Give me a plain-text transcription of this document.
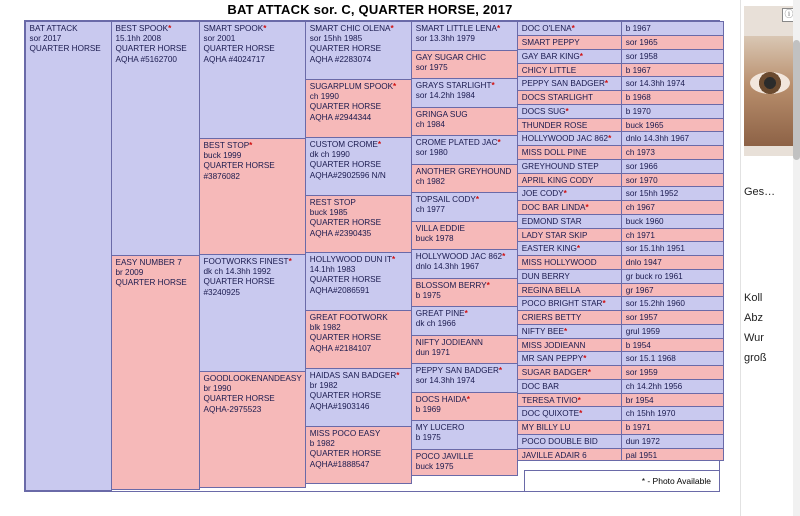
BAT ATTACK sor. C, QUARTER HORSE, 2017
BAT ATTACK
sor 2017
QUARTER HORSE
BEST SPOOK*
15.1hh 2008
QUARTER HORSE
AQHA #5162700
EASY NUMBER 7
br 2009
QUARTER HORSE
SMART SPOOK*
sor 2001
QUARTER HORSE
AQHA #4024717
BEST STOP*
buck 1999
QUARTER HORSE
#3876082
FOOTWORKS FINEST*
dk ch 14.3hh 1992
QUARTER HORSE
#3240925
GOODLOOKENANDEASY
br 1990
QUARTER HORSE
AQHA-2975523
SMART CHIC OLENA*
sor 15hh 1985
QUARTER HORSE
AQHA #2283074
SUGARPLUM SPOOK*
ch 1990
QUARTER HORSE
AQHA #2944344
CUSTOM CROME*
dk ch 1990
QUARTER HORSE
AQHA#2902596 N/N
REST STOP
buck 1985
QUARTER HORSE
AQHA #2390435
HOLLYWOOD DUN IT*
14.1hh 1983
QUARTER HORSE
AQHA#2086591
GREAT FOOTWORK
blk 1982
QUARTER HORSE
AQHA #2184107
HAIDAS SAN BADGER*
br 1982
QUARTER HORSE
AQHA#1903146
MISS POCO EASY
b 1982
QUARTER HORSE
AQHA#1888547
SMART LITTLE LENA*
sor 13.3hh 1979
GAY SUGAR CHIC
sor 1975
GRAYS STARLIGHT*
sor 14.2hh 1984
GRINGA SUG
ch 1984
CROME PLATED JAC*
sor 1980
ANOTHER GREYHOUND
ch 1982
TOPSAIL CODY*
ch 1977
VILLA EDDIE
buck 1978
HOLLYWOOD JAC 862*
dnlo 14.3hh 1967
BLOSSOM BERRY*
b 1975
GREAT PINE*
dk ch 1966
NIFTY JODIEANN
dun 1971
PEPPY SAN BADGER*
sor 14.3hh 1974
DOCS HAIDA*
b 1969
MY LUCERO
b 1975
POCO JAVILLE
buck 1975
DOC O'LENA*
SMART PEPPY
GAY BAR KING*
CHICY LITTLE
PEPPY SAN BADGER*
DOCS STARLIGHT
DOCS SUG*
THUNDER ROSE
HOLLYWOOD JAC 862*
MISS DOLL PINE
GREYHOUND STEP
APRIL KING CODY
JOE CODY*
DOC BAR LINDA*
EDMOND STAR
LADY STAR SKIP
EASTER KING*
MISS HOLLYWOOD
DUN BERRY
REGINA BELLA
POCO BRIGHT STAR*
CRIERS BETTY
NIFTY BEE*
MISS JODIEANN
MR SAN PEPPY*
SUGAR BADGER*
DOC BAR
TERESA TIVIO*
DOC QUIXOTE*
MY BILLY LU
POCO DOUBLE BID
JAVILLE ADAIR 6
b 1967
sor 1965
sor 1958
b 1967
sor 14.3hh 1974
b 1968
b 1970
buck 1965
dnlo 14.3hh 1967
ch 1973
sor 1966
sor 1970
sor 15hh 1952
ch 1967
buck 1960
ch 1971
sor 15.1hh 1951
dnlo 1947
gr buck ro 1961
gr 1967
sor 15.2hh 1960
sor 1957
grul 1959
b 1954
sor 15.1 1968
sor 1959
ch 14.2hh 1956
br 1954
ch 15hh 1970
b 1971
dun 1972
pal 1951
* - Photo Available
ⓘ
Ges…
Koll
Abz
Wur
groß
